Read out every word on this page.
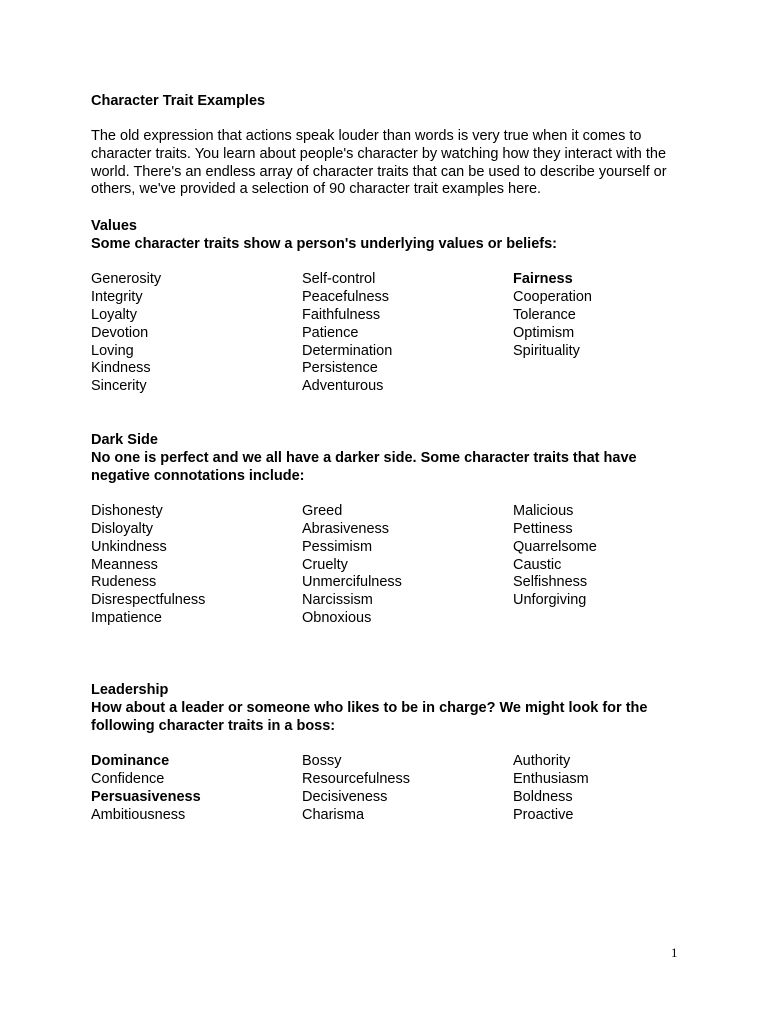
Character Trait Examples

The old expression that actions speak louder than words is very true when it comes to character traits. You learn about people's character by watching how they interact with the world. There's an endless array of character traits that can be used to describe yourself or others, we've provided a selection of 90 character trait examples here.

Values
Some character traits show a person's underlying values or beliefs:
Generosity
Integrity
Loyalty
Devotion
Loving
Kindness
Sincerity
Self-control
Peacefulness
Faithfulness
Patience
Determination
Persistence
Adventurous
Fairness
Cooperation
Tolerance
Optimism
Spirituality
Dark Side
No one is perfect and we all have a darker side. Some character traits that have negative connotations include:
Dishonesty
Disloyalty
Unkindness
Meanness
Rudeness
Disrespectfulness
Impatience
Greed
Abrasiveness
Pessimism
Cruelty
Unmercifulness
Narcissism
Obnoxious
Malicious
Pettiness
Quarrelsome
Caustic
Selfishness
Unforgiving
Leadership
How about a leader or someone who likes to be in charge? We might look for the following character traits in a boss:
Dominance
Confidence
Persuasiveness
Ambitiousness
Bossy
Resourcefulness
Decisiveness
Charisma
Authority
Enthusiasm
Boldness
Proactive
1
